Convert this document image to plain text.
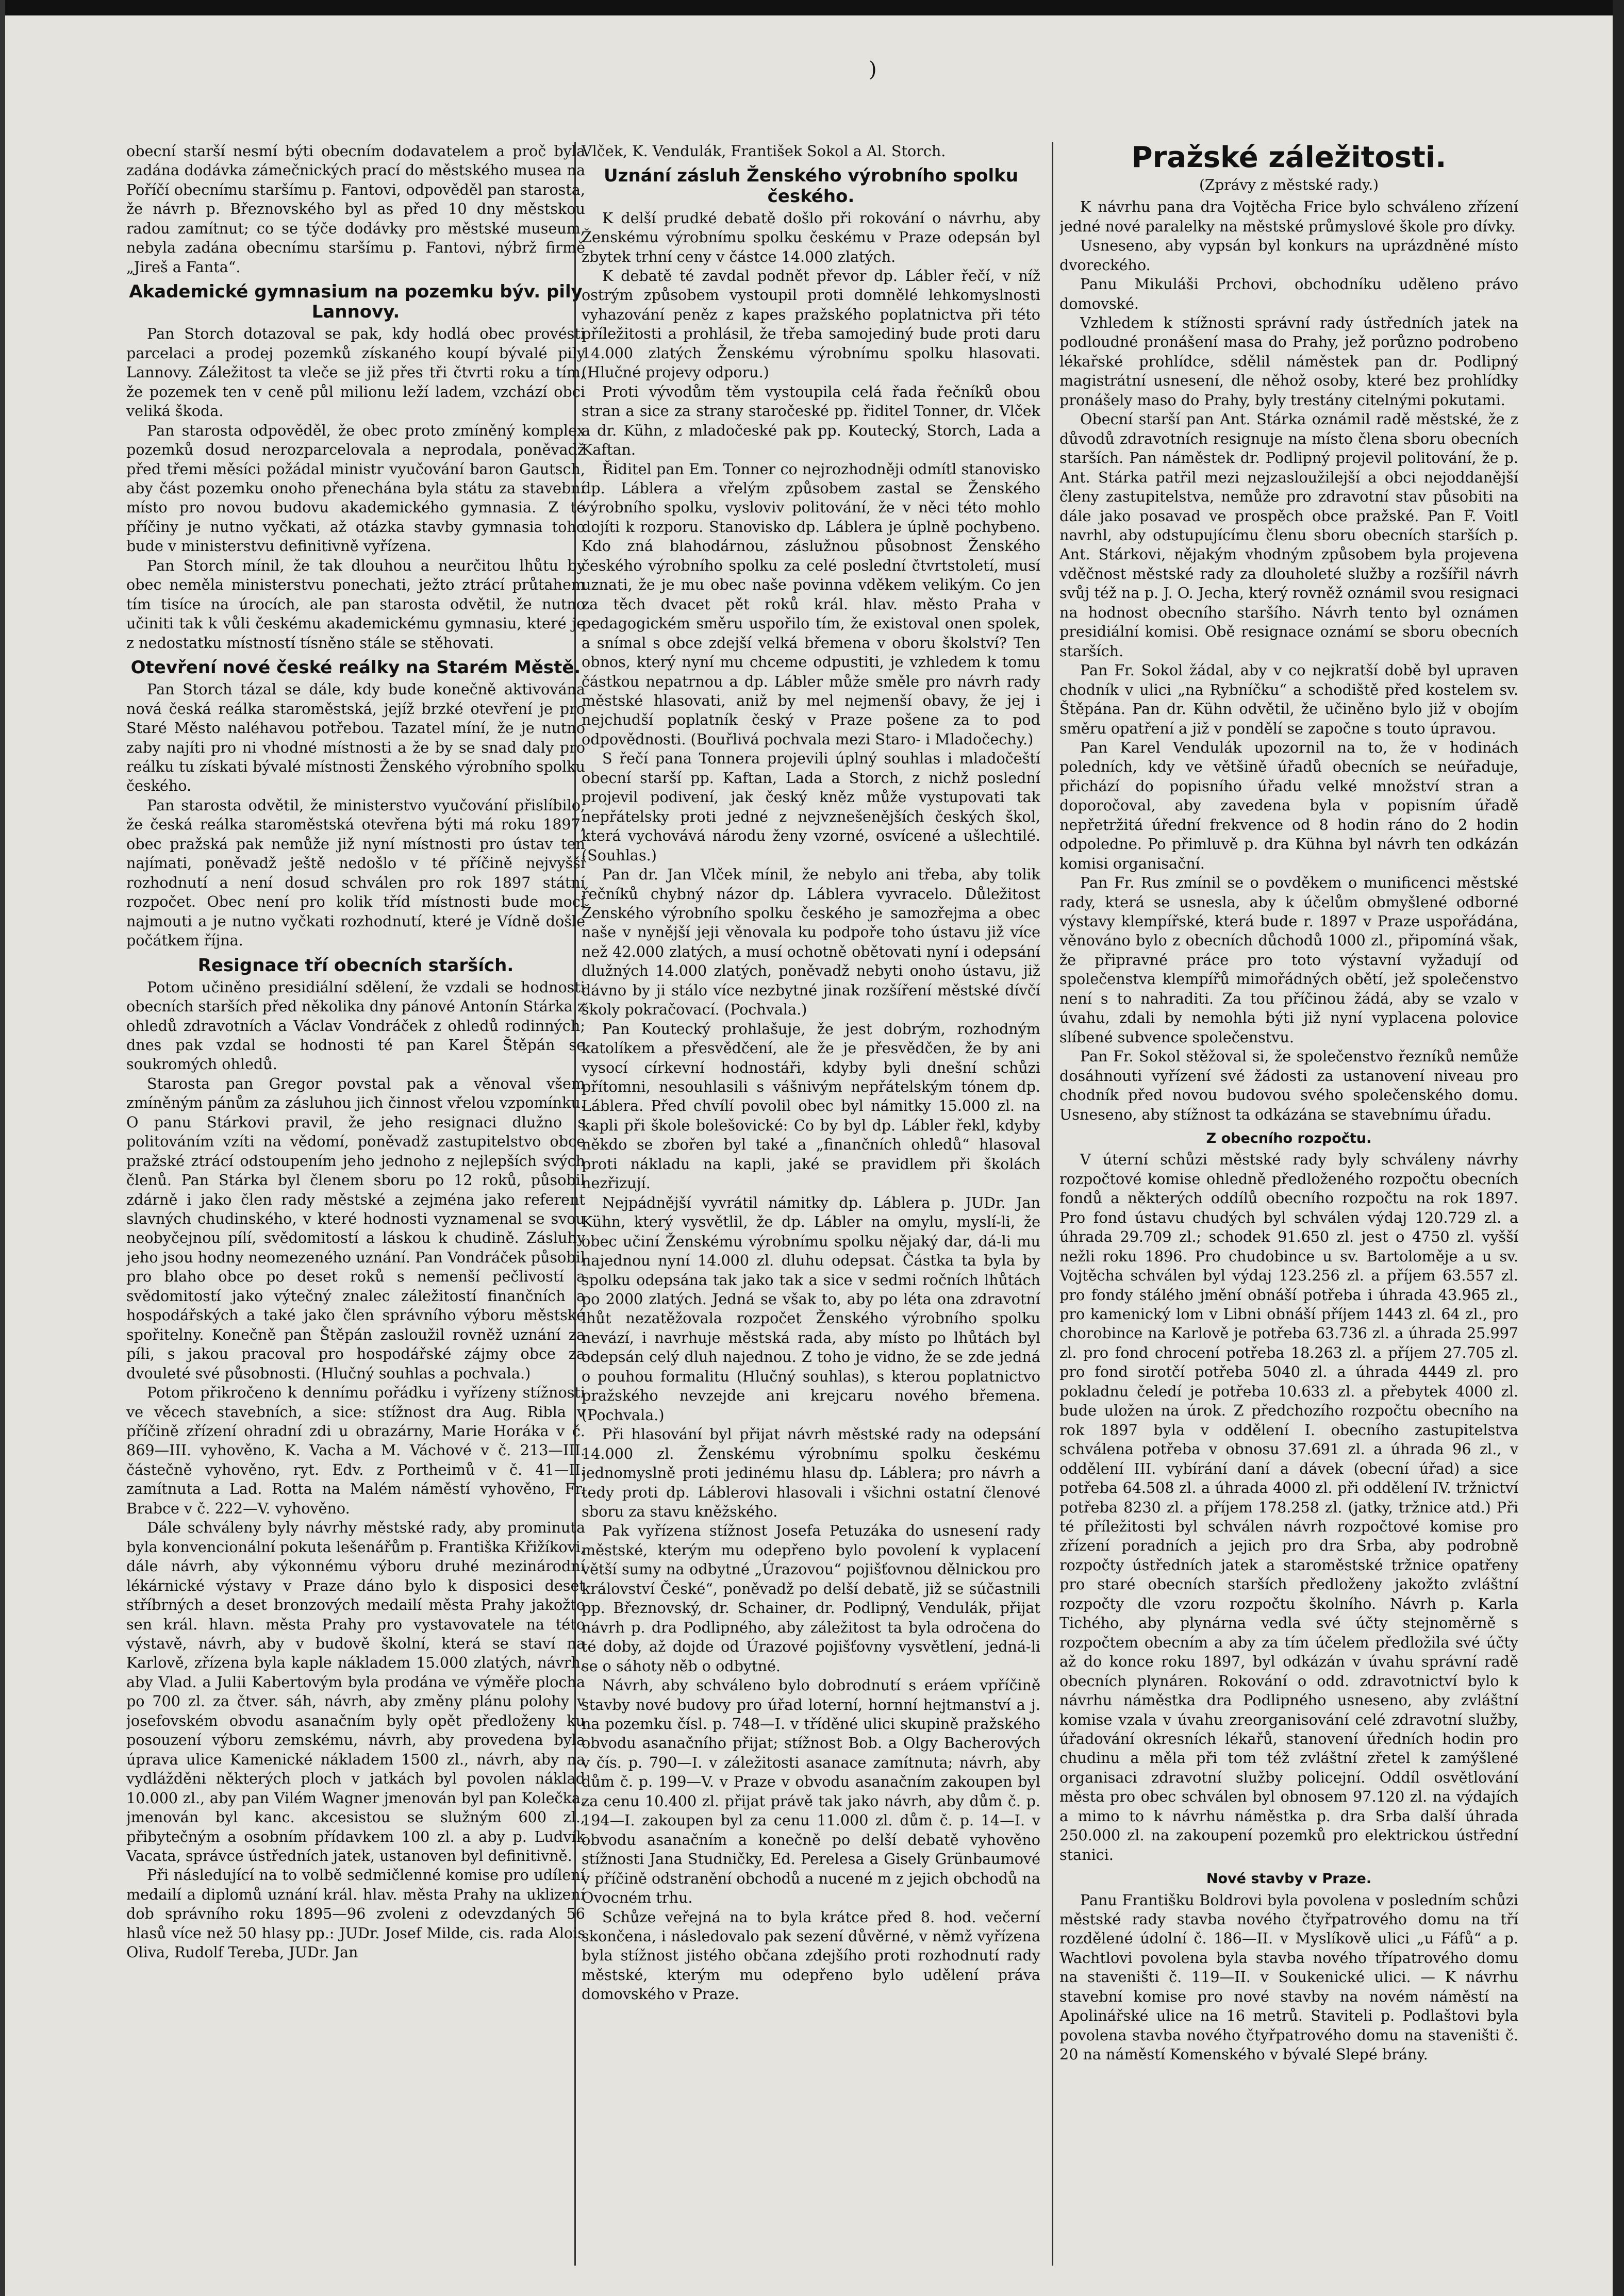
)

obecní starší nesmí býti obecním dodavatelem a proč byla zadána dodávka zámečnických prací do městského musea na Poříčí obecnímu staršímu p. Fantovi, odpověděl pan starosta, že návrh p. Březnovského byl as před 10 dny městskou radou zamítnut; co se týče dodávky pro městské museum, nebyla zadána obecnímu staršímu p. Fantovi, nýbrž firmě „Jireš a Fanta“.

Akademické gymnasium na pozemku býv. pily Lannovy.

Pan Storch dotazoval se pak, kdy hodlá obec provésti parcelaci a prodej pozemků získaného koupí bývalé pily Lannovy. Záležitost ta vleče se již přes tři čtvrti roku a tím, že pozemek ten v ceně půl milionu leží ladem, vzchází obci veliká škoda.

Pan starosta odpověděl, že obec proto zmíněný komplex pozemků dosud nerozparcelovala a neprodala, poněvadž před třemi měsíci požádal ministr vyučování baron Gautsch, aby část pozemku onoho přenechána byla státu za stavební místo pro novou budovu akademického gymnasia. Z té příčiny je nutno vyčkati, až otázka stavby gymnasia toho bude v ministerstvu definitivně vyřízena.

Pan Storch mínil, že tak dlouhou a neurčitou lhůtu by obec neměla ministerstvu ponechati, ježto ztrácí průtahem tím tisíce na úrocích, ale pan starosta odvětil, že nutno učiniti tak k vůli českému akademickému gymnasiu, které je z nedostatku místností tísněno stále se stěhovati.

Otevření nové české reálky na Starém Městě.

Pan Storch tázal se dále, kdy bude konečně aktivována nová česká reálka staroměstská, jejíž brzké otevření je pro Staré Město naléhavou potřebou. Tazatel míní, že je nutno zaby najíti pro ni vhodné místnosti a že by se snad daly pro reálku tu získati bývalé místnosti Ženského výrobního spolku českého.

Pan starosta odvětil, že ministerstvo vyučování přislíbilo, že česká reálka staroměstská otevřena býti má roku 1897, obec pražská pak nemůže již nyní místnosti pro ústav ten najímati, poněvadž ještě nedošlo v té příčině nejvyšší rozhodnutí a není dosud schválen pro rok 1897 státní rozpočet. Obec není pro kolik tříd místnosti bude moci najmouti a je nutno vyčkati rozhodnutí, které je Vídně došle počátkem října.

Resignace tří obecních starších.

Potom učiněno presidiální sdělení, že vzdali se hodnosti obecních starších před několika dny pánové Antonín Stárka z ohledů zdravotních a Václav Vondráček z ohledů rodinných; dnes pak vzdal se hodnosti té pan Karel Štěpán se soukromých ohledů.

Starosta pan Gregor povstal pak a věnoval všem zmíněným pánům za zásluhou jich činnost vřelou vzpomínku. O panu Stárkovi pravil, že jeho resignaci dlužno s politováním vzíti na vědomí, poněvadž zastupitelstvo obce pražské ztrácí odstoupením jeho jednoho z nejlepších svých členů. Pan Stárka byl členem sboru po 12 roků, působil zdárně i jako člen rady městské a zejména jako referent slavných chudinského, v které hodnosti vyznamenal se svou neobyčejnou pílí, svědomitostí a láskou k chudině. Zásluhy jeho jsou hodny neomezeného uznání. Pan Vondráček působil pro blaho obce po deset roků s nemenší pečlivostí a svědomitostí jako výtečný znalec záležitostí finančních a hospodářských a také jako člen správního výboru městské spořitelny. Konečně pan Štěpán zasloužil rovněž uznání za píli, s jakou pracoval pro hospodářské zájmy obce za dvouleté své působnosti. (Hlučný souhlas a pochvala.)

Potom přikročeno k dennímu pořádku i vyřízeny stížnosti ve věcech stavebních, a sice: stížnost dra Aug. Ribla v příčině zřízení ohradní zdi u obrazárny, Marie Horáka v č. 869—III. vyhověno, K. Vacha a M. Váchové v č. 213—III. částečně vyhověno, ryt. Edv. z Portheimů v č. 41—II. zamítnuta a Lad. Rotta na Malém náměstí vyhověno, Fr. Brabce v č. 222—V. vyhověno.

Dále schváleny byly návrhy městské rady, aby prominuta byla konvencionální pokuta lešenářům p. Františka Křižíkovi, dále návrh, aby výkonnému výboru druhé mezinárodní lékárnické výstavy v Praze dáno bylo k disposici deset stříbrných a deset bronzových medailí města Prahy jakožto sen král. hlavn. města Prahy pro vystavovatele na této výstavě, návrh, aby v budově školní, která se staví na Karlově, zřízena byla kaple nákladem 15.000 zlatých, návrh, aby Vlad. a Julii Kabertovým byla prodána ve výměře plocha po 700 zl. za čtver. sáh, návrh, aby změny plánu polohy v josefovském obvodu asanačním byly opět předloženy ku posouzení výboru zemskému, návrh, aby provedena byla úprava ulice Kamenické nákladem 1500 zl., návrh, aby na vydlážděni některých ploch v jatkách byl povolen náklad 10.000 zl., aby pan Vilém Wagner jmenován byl pan Kolečka, jmenován byl kanc. akcesistou se služným 600 zl., přibytečným a osobním přídavkem 100 zl. a aby p. Ludvík Vacata, správce ústředních jatek, ustanoven byl definitivně.

Při následující na to volbě sedmičlenné komise pro udílení medailí a diplomů uznání král. hlav. města Prahy na uklizení dob správního roku 1895—96 zvoleni z odevzdaných 56 hlasů více než 50 hlasy pp.: JUDr. Josef Milde, cis. rada Alois Oliva, Rudolf Tereba, JUDr. Jan

Vlček, K. Vendulák, František Sokol a Al. Storch.

Uznání zásluh Ženského výrobního spolku českého.

K delší prudké debatě došlo při rokování o návrhu, aby Ženskému výrobnímu spolku českému v Praze odepsán byl zbytek trhní ceny v částce 14.000 zlatých.

K debatě té zavdal podnět převor dp. Lábler řečí, v níž ostrým způsobem vystoupil proti domnělé lehkomyslnosti vyhazování peněz z kapes pražského poplatnictva při této příležitosti a prohlásil, že třeba samojediný bude proti daru 14.000 zlatých Ženskému výrobnímu spolku hlasovati. (Hlučné projevy odporu.)

Proti vývodům těm vystoupila celá řada řečníků obou stran a sice za strany staročeské pp. řiditel Tonner, dr. Vlček a dr. Kühn, z mladočeské pak pp. Koutecký, Storch, Lada a Kaftan.

Řiditel pan Em. Tonner co nejrozhodněji odmítl stanovisko dp. Láblera a vřelým způsobem zastal se Ženského výrobního spolku, vysloviv politování, že v něci této mohlo dojíti k rozporu. Stanovisko dp. Láblera je úplně pochybeno. Kdo zná blahodárnou, záslužnou působnost Ženského českého výrobního spolku za celé poslední čtvrtstoletí, musí uznati, že je mu obec naše povinna vděkem velikým. Co jen za těch dvacet pět roků král. hlav. město Praha v pedagogickém směru uspořilo tím, že existoval onen spolek, a snímal s obce zdejší velká břemena v oboru školství? Ten obnos, který nyní mu chceme odpustiti, je vzhledem k tomu částkou nepatrnou a dp. Lábler může směle pro návrh rady městské hlasovati, aniž by mel nejmenší obavy, že jej i nejchudší poplatník český v Praze pošene za to pod odpovědnosti. (Bouřlivá pochvala mezi Staro- i Mladočechy.)

S řečí pana Tonnera projevili úplný souhlas i mladočeští obecní starší pp. Kaftan, Lada a Storch, z nichž poslední projevil podivení, jak český kněz může vystupovati tak nepřátelsky proti jedné z nejvznešenějších českých škol, která vychovává národu ženy vzorné, osvícené a ušlechtilé. (Souhlas.)

Pan dr. Jan Vlček mínil, že nebylo ani třeba, aby tolik řečníků chybný názor dp. Láblera vyvracelo. Důležitost Ženského výrobního spolku českého je samozřejma a obec naše v nynější jeji věnovala ku podpoře toho ústavu již více než 42.000 zlatých, a musí ochotně obětovati nyní i odepsání dlužných 14.000 zlatých, poněvadž nebyti onoho ústavu, již dávno by ji stálo více nezbytné jinak rozšíření městské dívčí školy pokračovací. (Pochvala.)

Pan Koutecký prohlašuje, že jest dobrým, rozhodným katolíkem a přesvědčení, ale že je přesvědčen, že by ani vysocí církevní hodnostáři, kdyby byli dnešní schůzi přítomni, nesouhlasili s vášnivým nepřátelským tónem dp. Láblera. Před chvílí povolil obec byl námitky 15.000 zl. na kapli při škole bolešovické: Co by byl dp. Lábler řekl, kdyby někdo se zbořen byl také a „finančních ohledů“ hlasoval proti nákladu na kapli, jaké se pravidlem při školách nezřizují.

Nejpádnější vyvrátil námitky dp. Láblera p. JUDr. Jan Kühn, který vysvětlil, že dp. Lábler na omylu, myslí-li, že obec učiní Ženskému výrobnímu spolku nějaký dar, dá-li mu najednou nyní 14.000 zl. dluhu odepsat. Částka ta byla by spolku odepsána tak jako tak a sice v sedmi ročních lhůtách po 2000 zlatých. Jedná se však to, aby po léta ona zdravotní lhůt nezatěžovala rozpočet Ženského výrobního spolku nevází, i navrhuje městská rada, aby místo po lhůtách byl odepsán celý dluh najednou. Z toho je vidno, že se zde jedná o pouhou formalitu (Hlučný souhlas), s kterou poplatnictvo pražského nevzejde ani krejcaru nového břemena. (Pochvala.)

Při hlasování byl přijat návrh městské rady na odepsání 14.000 zl. Ženskému výrobnímu spolku českému jednomyslně proti jedinému hlasu dp. Láblera; pro návrh a tedy proti dp. Láblerovi hlasovali i všichni ostatní členové sboru za stavu kněžského.

Pak vyřízena stížnost Josefa Petuzáka do usnesení rady městské, kterým mu odepřeno bylo povolení k vyplacení větší sumy na odbytné „Úrazovou“ pojišťovnou dělnickou pro království České“, poněvadž po delší debatě, již se súčastnili pp. Březnovský, dr. Schainer, dr. Podlipný, Vendulák, přijat návrh p. dra Podlipného, aby záležitost ta byla odročena do té doby, až dojde od Úrazové pojišťovny vysvětlení, jedná-li se o sáhoty něb o odbytné.

Návrh, aby schváleno bylo dobrodnutí s eráem vpříčině stavby nové budovy pro úřad loterní, hornní hejtmanství a j. na pozemku čísl. p. 748—I. v tříděné ulici skupině pražského obvodu asanačního přijat; stížnost Bob. a Olgy Bacherových v čís. p. 790—I. v záležitosti asanace zamítnuta; návrh, aby dům č. p. 199—V. v Praze v obvodu asanačním zakoupen byl za cenu 10.400 zl. přijat právě tak jako návrh, aby dům č. p. 194—I. zakoupen byl za cenu 11.000 zl. dům č. p. 14—I. v obvodu asanačním a konečně po delší debatě vyhověno stížnosti Jana Studničky, Ed. Perelesa a Gisely Grünbaumové v příčině odstranění obchodů a nucené m z jejich obchodů na Ovocném trhu.

Schůze veřejná na to byla krátce před 8. hod. večerní skončena, i následovalo pak sezení důvěrné, v němž vyřízena byla stížnost jistého občana zdejšího proti rozhodnutí rady městské, kterým mu odepřeno bylo udělení práva domovského v Praze.

Pražské záležitosti.
(Zprávy z městské rady.)

K návrhu pana dra Vojtěcha Frice bylo schváleno zřízení jedné nové paralelky na městské průmyslové škole pro dívky.

Usneseno, aby vypsán byl konkurs na uprázdněné místo dvoreckého.

Panu Mikuláši Prchovi, obchodníku uděleno právo domovské.

Vzhledem k stížnosti správní rady ústředních jatek na podloudné pronášení masa do Prahy, jež porůzno podrobeno lékařské prohlídce, sdělil náměstek pan dr. Podlipný magistrátní usnesení, dle něhož osoby, které bez prohlídky pronášely maso do Prahy, byly trestány citelnými pokutami.

Obecní starší pan Ant. Stárka oznámil radě městské, že z důvodů zdravotních resignuje na místo člena sboru obecních starších. Pan náměstek dr. Podlipný projevil politování, že p. Ant. Stárka patřil mezi nejzasloužilejší a obci nejoddanější členy zastupitelstva, nemůže pro zdravotní stav působiti na dále jako posavad ve prospěch obce pražské. Pan F. Voitl navrhl, aby odstupujícímu členu sboru obecních starších p. Ant. Stárkovi, nějakým vhodným způsobem byla projevena vděčnost městské rady za dlouholeté služby a rozšířil návrh svůj též na p. J. O. Jecha, který rovněž oznámil svou resignaci na hodnost obecního staršího. Návrh tento byl oznámen presidiální komisi. Obě resignace oznámí se sboru obecních starších.

Pan Fr. Sokol žádal, aby v co nejkratší době byl upraven chodník v ulici „na Rybníčku“ a schodiště před kostelem sv. Štěpána. Pan dr. Kühn odvětil, že učiněno bylo již v obojím směru opatření a již v pondělí se započne s touto úpravou.

Pan Karel Vendulák upozornil na to, že v hodinách poledních, kdy ve většině úřadů obecních se neúřaduje, přichází do popisního úřadu velké množství stran a doporočoval, aby zavedena byla v popisním úřadě nepřetržitá úřední frekvence od 8 hodin ráno do 2 hodin odpoledne. Po přimluvě p. dra Kühna byl návrh ten odkázán komisi organisační.

Pan Fr. Rus zmínil se o povděkem o munificenci městské rady, která se usnesla, aby k účelům obmyšlené odborné výstavy klempířské, která bude r. 1897 v Praze uspořádána, věnováno bylo z obecních důchodů 1000 zl., připomíná však, že připravné práce pro toto výstavní vyžadují od společenstva klempířů mimořádných obětí, jež společenstvo není s to nahraditi. Za tou příčinou žádá, aby se vzalo v úvahu, zdali by nemohla býti již nyní vyplacena polovice slíbené subvence společenstvu.

Pan Fr. Sokol stěžoval si, že společenstvo řezníků nemůže dosáhnouti vyřízení své žádosti za ustanovení niveau pro chodník před novou budovou svého společenského domu. Usneseno, aby stížnost ta odkázána se stavebnímu úřadu.

Z obecního rozpočtu.

V úterní schůzi městské rady byly schváleny návrhy rozpočtové komise ohledně předloženého rozpočtu obecních fondů a některých oddílů obecního rozpočtu na rok 1897. Pro fond ústavu chudých byl schválen výdaj 120.729 zl. a úhrada 29.709 zl.; schodek 91.650 zl. jest o 4750 zl. vyšší nežli roku 1896. Pro chudobince u sv. Bartoloměje a u sv. Vojtěcha schválen byl výdaj 123.256 zl. a příjem 63.557 zl. pro fondy stálého jmění obnáší potřeba i úhrada 43.965 zl., pro kamenický lom v Libni obnáší příjem 1443 zl. 64 zl., pro chorobince na Karlově je potřeba 63.736 zl. a úhrada 25.997 zl. pro fond chrocení potřeba 18.263 zl. a příjem 27.705 zl. pro fond sirotčí potřeba 5040 zl. a úhrada 4449 zl. pro pokladnu čeledí je potřeba 10.633 zl. a přebytek 4000 zl. bude uložen na úrok. Z předchozího rozpočtu obecního na rok 1897 byla v oddělení I. obecního zastupitelstva schválena potřeba v obnosu 37.691 zl. a úhrada 96 zl., v oddělení III. vybírání daní a dávek (obecní úřad) a sice potřeba 64.508 zl. a úhrada 4000 zl. při oddělení IV. tržnictví potřeba 8230 zl. a příjem 178.258 zl. (jatky, tržnice atd.) Při té příležitosti byl schválen návrh rozpočtové komise pro zřízení poradních a jejich pro dra Srba, aby podrobně rozpočty ústředních jatek a staroměstské tržnice opatřeny pro staré obecních starších předloženy jakožto zvláštní rozpočty dle vzoru rozpočtu školního. Návrh p. Karla Tichého, aby plynárna vedla své účty stejnoměrně s rozpočtem obecním a aby za tím účelem předložila své účty až do konce roku 1897, byl odkázán v úvahu správní radě obecních plynáren. Rokování o odd. zdravotnictví bylo k návrhu náměstka dra Podlipného usneseno, aby zvláštní komise vzala v úvahu zreorganisování celé zdravotní služby, úřadování okresních lékařů, stanovení úředních hodin pro chudinu a měla při tom též zvláštní zřetel k zamýšlené organisaci zdravotní služby policejní. Oddíl osvětlování města pro obec schválen byl obnosem 97.120 zl. na výdajích a mimo to k návrhu náměstka p. dra Srba další úhrada 250.000 zl. na zakoupení pozemků pro elektrickou ústřední stanici.

Nové stavby v Praze.

Panu Františku Boldrovi byla povolena v posledním schůzi městské rady stavba nového čtyřpatrového domu na tří rozdělené údolní č. 186—II. v Myslíkově ulici „u Fáfů“ a p. Wachtlovi povolena byla stavba nového třípatrového domu na staveništi č. 119—II. v Soukenické ulici. — K návrhu stavební komise pro nové stavby na novém náměstí na Apolinářské ulice na 16 metrů. Staviteli p. Podlaštovi byla povolena stavba nového čtyřpatrového domu na staveništi č. 20 na náměstí Komenského v bývalé Slepé brány.
